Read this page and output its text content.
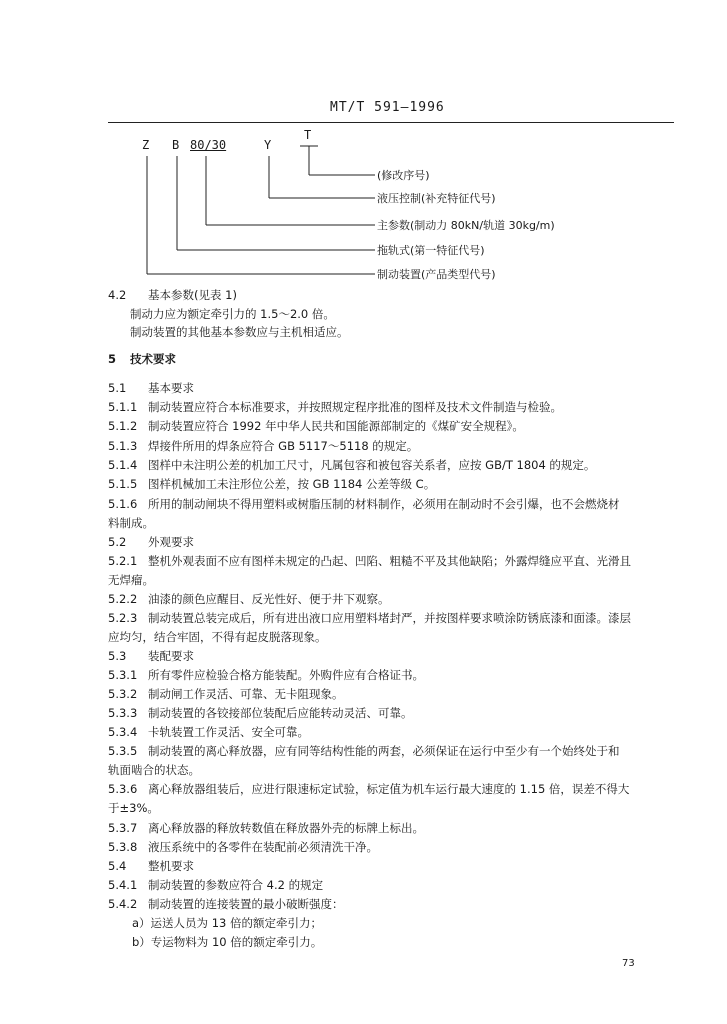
MT/T 591—1996
Z B 80/30	Y
T
(修改序号)
液压控制(补充特征代号)
主参数(制动力 80kN/轨道 30kg/m)
拖轨式(第一特征代号)
制动装置(产品类型代号)
4.2 基本参数(见表 1)
制动力应为额定牵引力的 1.5～2.0 倍。
制动装置的其他基本参数应与主机相适应。
5 技术要求
5.1 基本要求
5.1.1 制动装置应符合本标准要求，并按照规定程序批准的图样及技术文件制造与检验。
5.1.2 制动装置应符合 1992 年中华人民共和国能源部制定的《煤矿安全规程》。
5.1.3 焊接件所用的焊条应符合 GB 5117～5118 的规定。
5.1.4 图样中未注明公差的机加工尺寸，凡属包容和被包容关系者，应按 GB/T 1804 的规定。
5.1.5 图样机械加工未注形位公差，按 GB 1184 公差等级 C。
5.1.6 所用的制动闸块不得用塑料或树脂压制的材料制作，必须用在制动时不会引爆，也不会燃烧材
料制成。
5.2 外观要求
5.2.1 整机外观表面不应有图样未规定的凸起、凹陷、粗糙不平及其他缺陷；外露焊缝应平直、光滑且
无焊瘤。
5.2.2 油漆的颜色应醒目、反光性好、便于井下观察。
5.2.3 制动装置总装完成后，所有进出液口应用塑料堵封严，并按图样要求喷涂防锈底漆和面漆。漆层
应均匀，结合牢固，不得有起皮脱落现象。
5.3 装配要求
5.3.1 所有零件应检验合格方能装配。外购件应有合格证书。
5.3.2 制动闸工作灵活、可靠、无卡阻现象。
5.3.3 制动装置的各铰接部位装配后应能转动灵活、可靠。
5.3.4 卡轨装置工作灵活、安全可靠。
5.3.5 制动装置的离心释放器，应有同等结构性能的两套，必须保证在运行中至少有一个始终处于和
轨面啮合的状态。
5.3.6 离心释放器组装后，应进行限速标定试验，标定值为机车运行最大速度的 1.15 倍，误差不得大
于±3%。
5.3.7 离心释放器的释放转数值在释放器外壳的标牌上标出。
5.3.8 液压系统中的各零件在装配前必须清洗干净。
5.4 整机要求
5.4.1 制动装置的参数应符合 4.2 的规定
5.4.2 制动装置的连接装置的最小破断强度：
a）运送人员为 13 倍的额定牵引力；
b）专运物料为 10 倍的额定牵引力。
73
